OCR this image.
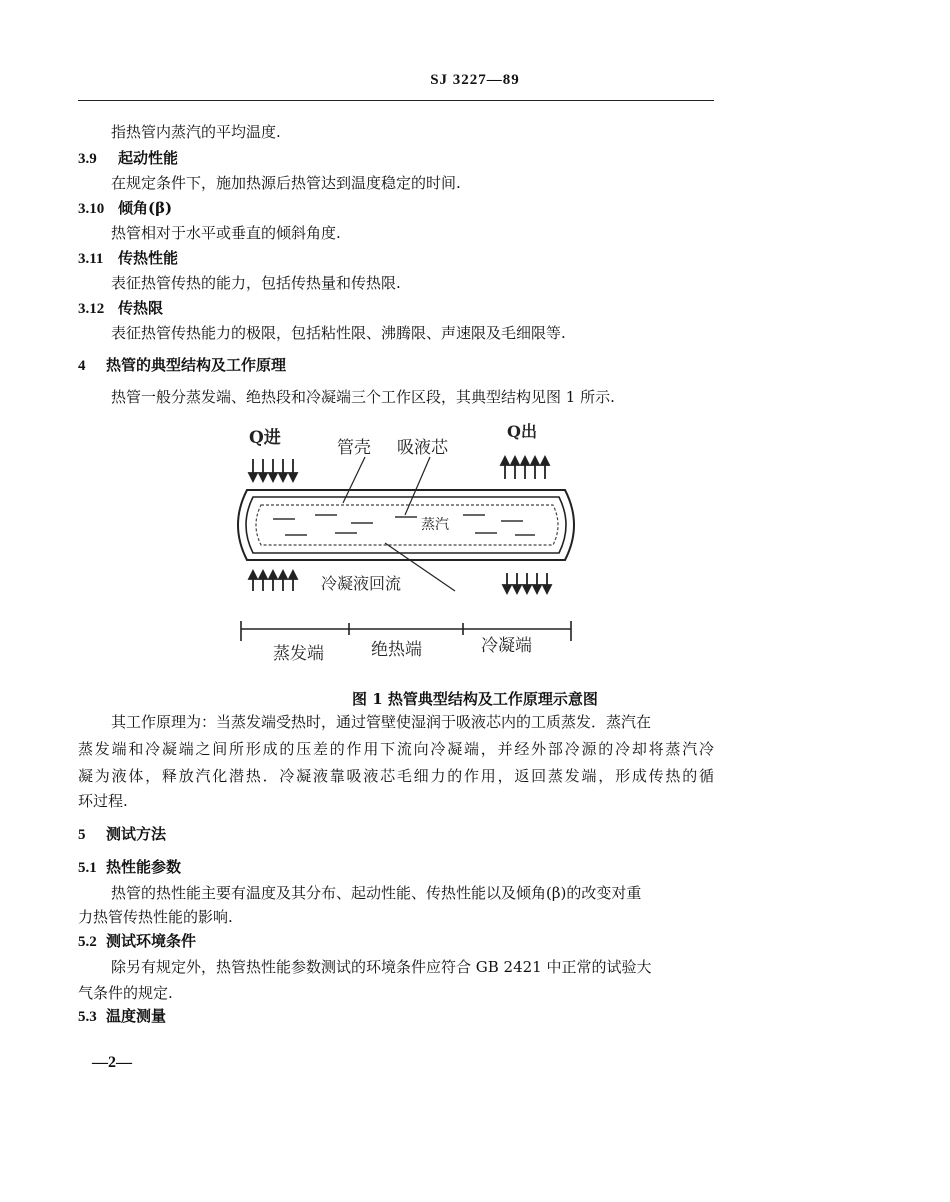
SJ 3227—89
指热管内蒸汽的平均温度.
3.9 起动性能
在规定条件下，施加热源后热管达到温度稳定的时间.
3.10 倾角(β)
热管相对于水平或垂直的倾斜角度.
3.11 传热性能
表征热管传热的能力，包括传热量和传热限.
3.12 传热限
表征热管传热能力的极限，包括粘性限、沸腾限、声速限及毛细限等.
4 热管的典型结构及工作原理
热管一般分蒸发端、绝热段和冷凝端三个工作区段，其典型结构见图 1 所示.
Q进	Q出
管壳 吸液芯
蒸汽
冷凝液回流
蒸发端	绝热端	冷凝端
图 1 热管典型结构及工作原理示意图
其工作原理为：当蒸发端受热时，通过管壁使湿润于吸液芯内的工质蒸发．蒸汽在
蒸发端和冷凝端之间所形成的压差的作用下流向冷凝端，并经外部冷源的冷却将蒸汽冷
凝为液体，释放汽化潜热．冷凝液靠吸液芯毛细力的作用，返回蒸发端，形成传热的循
环过程.
5 测试方法
5.1 热性能参数
热管的热性能主要有温度及其分布、起动性能、传热性能以及倾角(β)的改变对重
力热管传热性能的影响.
5.2 测试环境条件
除另有规定外，热管热性能参数测试的环境条件应符合 GB 2421 中正常的试验大
气条件的规定.
5.3 温度测量
—2—
